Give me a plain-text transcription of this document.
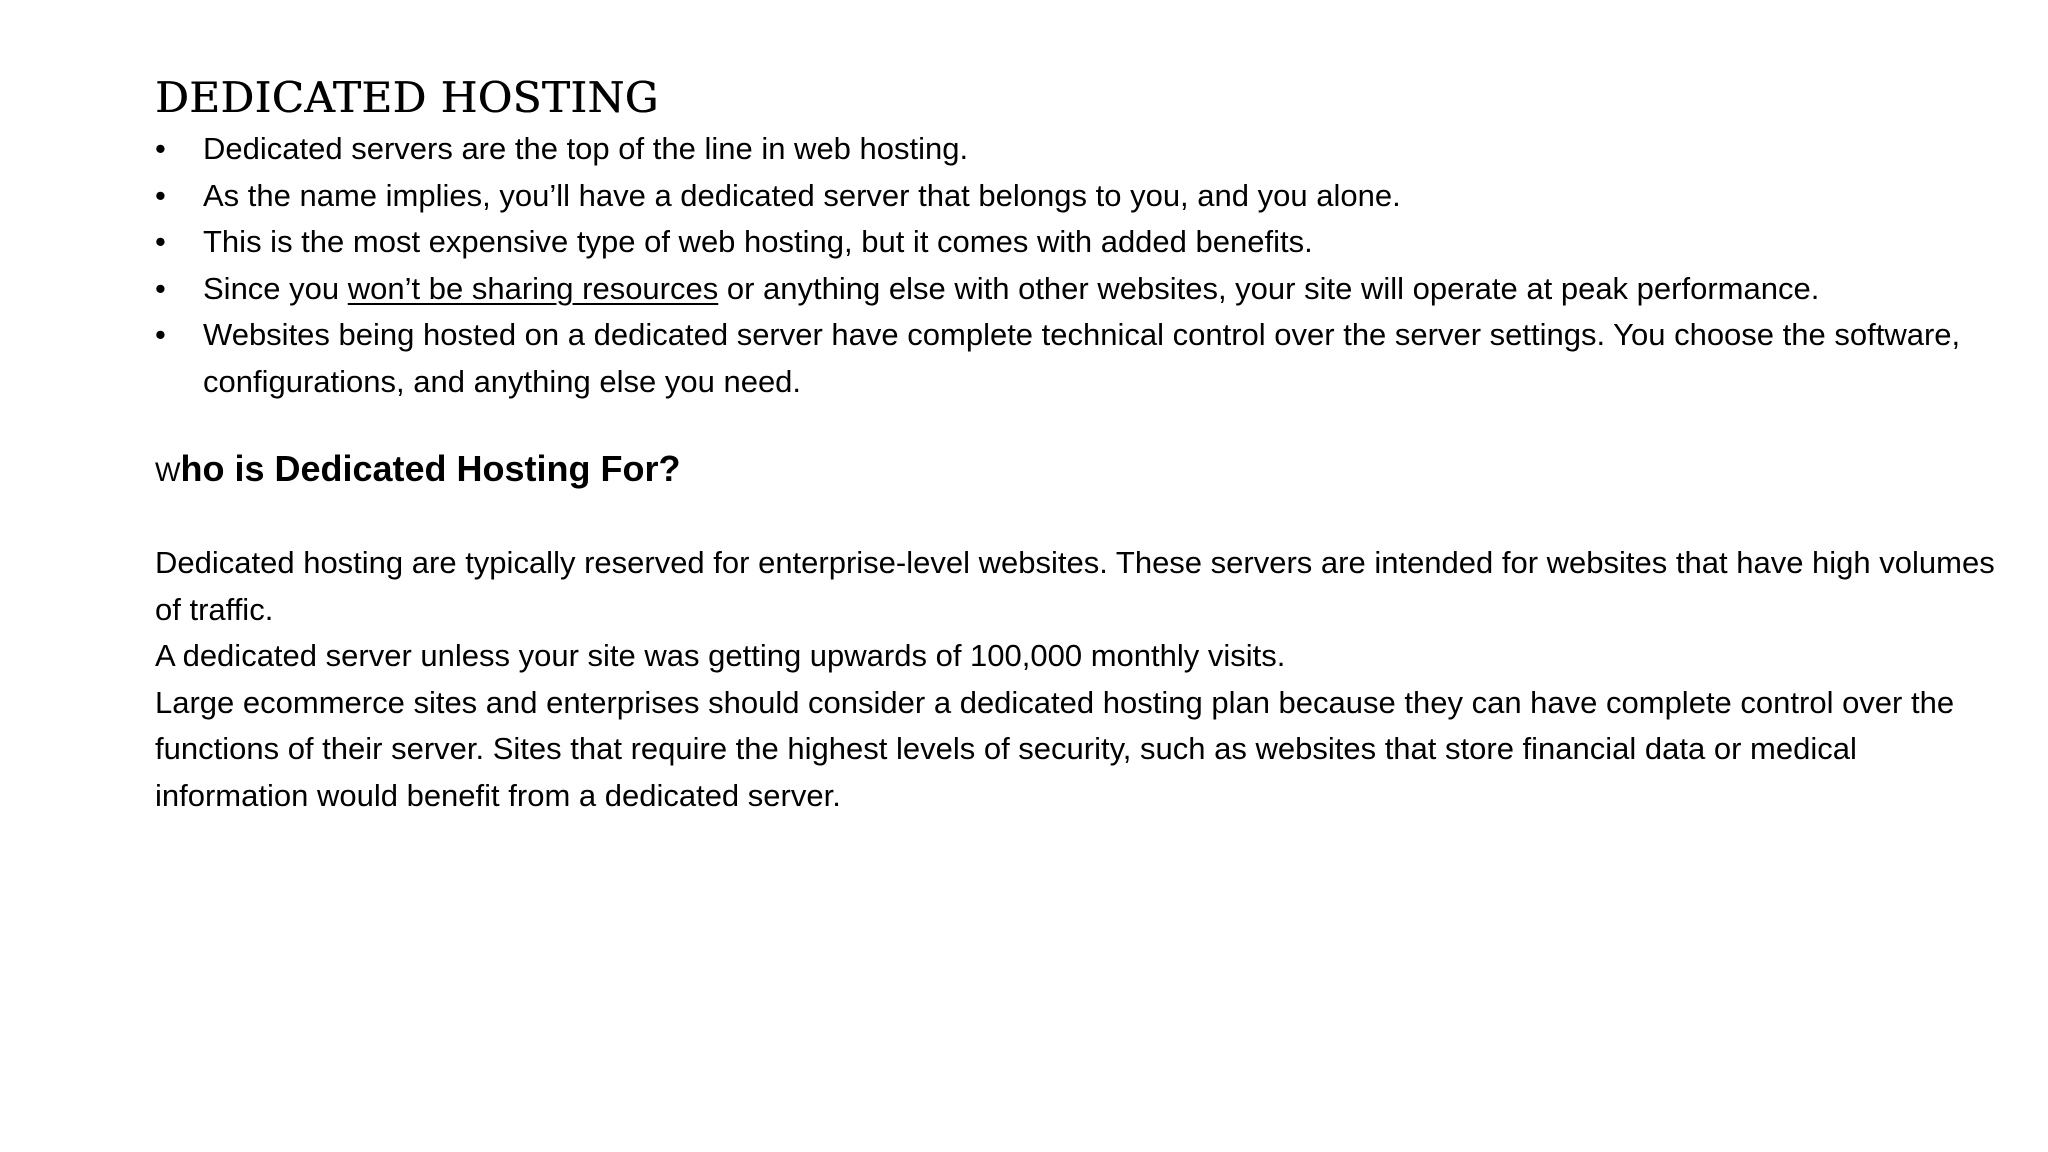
DEDICATED HOSTING
• Dedicated servers are the top of the line in web hosting.
• As the name implies, you’ll have a dedicated server that belongs to you, and you alone.
• This is the most expensive type of web hosting, but it comes with added benefits.
• Since you won’t be sharing resources or anything else with other websites, your site will operate at peak performance.
• Websites being hosted on a dedicated server have complete technical control over the server settings. You choose the software, configurations, and anything else you need.
Who is Dedicated Hosting For?

Dedicated hosting are typically reserved for enterprise-level websites. These servers are intended for websites that have high volumes of traffic.

A dedicated server unless your site was getting upwards of 100,000 monthly visits.

Large ecommerce sites and enterprises should consider a dedicated hosting plan because they can have complete control over the functions of their server. Sites that require the highest levels of security, such as websites that store financial data or medical information would benefit from a dedicated server.
